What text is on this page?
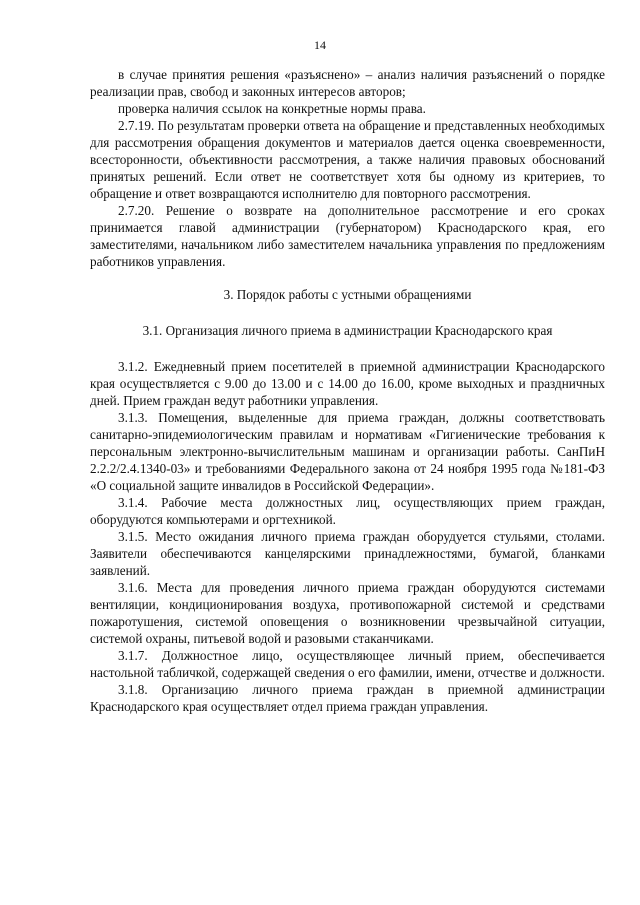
14

в случае принятия решения «разъяснено» – анализ наличия разъяснений о порядке реализации прав, свобод и законных интересов авторов;

проверка наличия ссылок на конкретные нормы права.

2.7.19. По результатам проверки ответа на обращение и представленных необходимых для рассмотрения обращения документов и материалов дается оценка своевременности, всесторонности, объективности рассмотрения, а также наличия правовых обоснований принятых решений. Если ответ не соответствует хотя бы одному из критериев, то обращение и ответ возвращаются исполнителю для повторного рассмотрения.

2.7.20. Решение о возврате на дополнительное рассмотрение и его сроках принимается главой администрации (губернатором) Краснодарского края, его заместителями, начальником либо заместителем начальника управления по предложениям работников управления.

3. Порядок работы с устными обращениями

3.1. Организация личного приема в администрации Краснодарского края

3.1.2. Ежедневный прием посетителей в приемной администрации Краснодарского края осуществляется с 9.00 до 13.00 и с 14.00 до 16.00, кроме выходных и праздничных дней. Прием граждан ведут работники управления.

3.1.3. Помещения, выделенные для приема граждан, должны соответствовать санитарно-эпидемиологическим правилам и нормативам «Гигиенические требования к персональным электронно-вычислительным машинам и организации работы. СанПиН 2.2.2/2.4.1340-03» и требованиями Федерального закона от 24 ноября 1995 года №181-ФЗ «О социальной защите инвалидов в Российской Федерации».

3.1.4. Рабочие места должностных лиц, осуществляющих прием граждан, оборудуются компьютерами и оргтехникой.

3.1.5. Место ожидания личного приема граждан оборудуется стульями, столами. Заявители обеспечиваются канцелярскими принадлежностями, бумагой, бланками заявлений.

3.1.6. Места для проведения личного приема граждан оборудуются системами вентиляции, кондиционирования воздуха, противопожарной системой и средствами пожаротушения, системой оповещения о возникновении чрезвычайной ситуации, системой охраны, питьевой водой и разовыми стаканчиками.

3.1.7. Должностное лицо, осуществляющее личный прием, обеспечивается настольной табличкой, содержащей сведения о его фамилии, имени, отчестве и должности.

3.1.8. Организацию личного приема граждан в приемной администрации Краснодарского края осуществляет отдел приема граждан управления.
